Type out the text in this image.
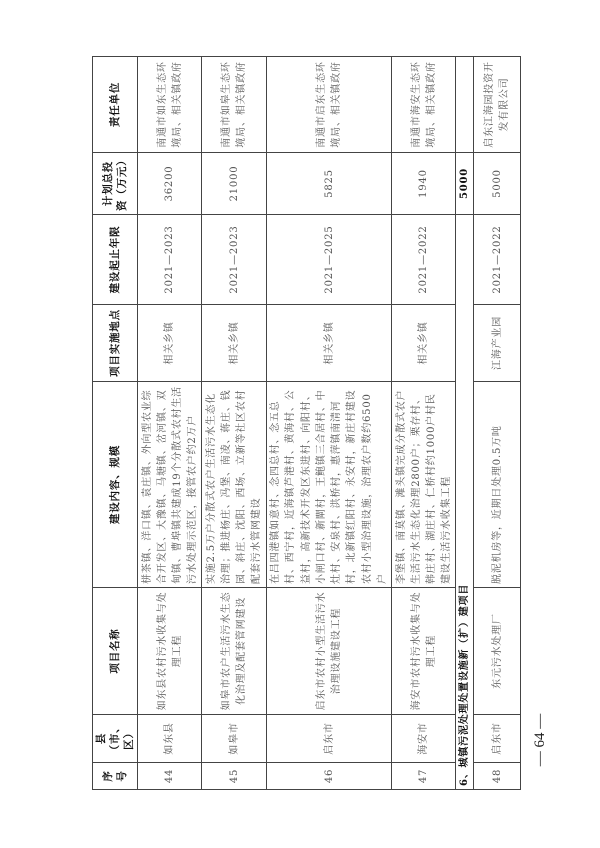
序号	县（市、区）	项目名称	建设内容、规模	项目实施地点	建设起止年限	计划总投资（万元）	责任单位
44	如东县	如东县农村污水收集与处理工程	栟茶镇、洋口镇、袁庄镇、外向型农业综合开发区、大豫镇、马塘镇、岔河镇、双甸镇、曹埠镇共建成19个分散式农村生活污水处理示范区，接管农户约2万户	相关乡镇	2021—2023	36200	南通市如东生态环境局、相关镇政府
45	如皋市	如皋市农户生活污水生态化治理及配套管网建设	实施2.5万户分散式农户生活污水生态化治理；推进杨庄、冯堡、南凌、蒋庄、钱园、斜庄、沈阳、西场、立新等社区农村配套污水管网建设	相关乡镇	2021—2023	21000	南通市如皋生态环境局、相关镇政府
46	启东市	启东市农村小型生活污水治理设施建设工程	在吕四港镇如意村、念四总村、念五总村、西宁村，近海镇芦港村、黄海村、公益村，高新技术开发区东进村、向阳村、小闸口村、新閘村，王鲍镇三合居村、中灶村、安泉村、洪桥村，惠萍镇南清河村，北新镇红阳村、永安村，新庄村建设农村小型治理设施，治理农户数约6500户	相关乡镇	2021—2025	5825	南通市启东生态环境局、相关镇政府
47	海安市	海安市农村污水收集与处理工程	李堡镇、南莫镇、滩头镇完成分散式农户生活污水生态化治理2800户；栗存村、韩庄村、湖庄村、仁桥村约1000户村民建设生活污水收集工程	相关乡镇	2021—2022	1940	南通市海安生态环境局、相关镇政府
6、城镇污泥处理处置设施新（扩）建项目						5000	
48	启东市	东元污水处理厂	脱泥机房等，近期日处理0.5万吨	江海产业园	2021—2022	5000	启东江海园投资开发有限公司
— 64 —
